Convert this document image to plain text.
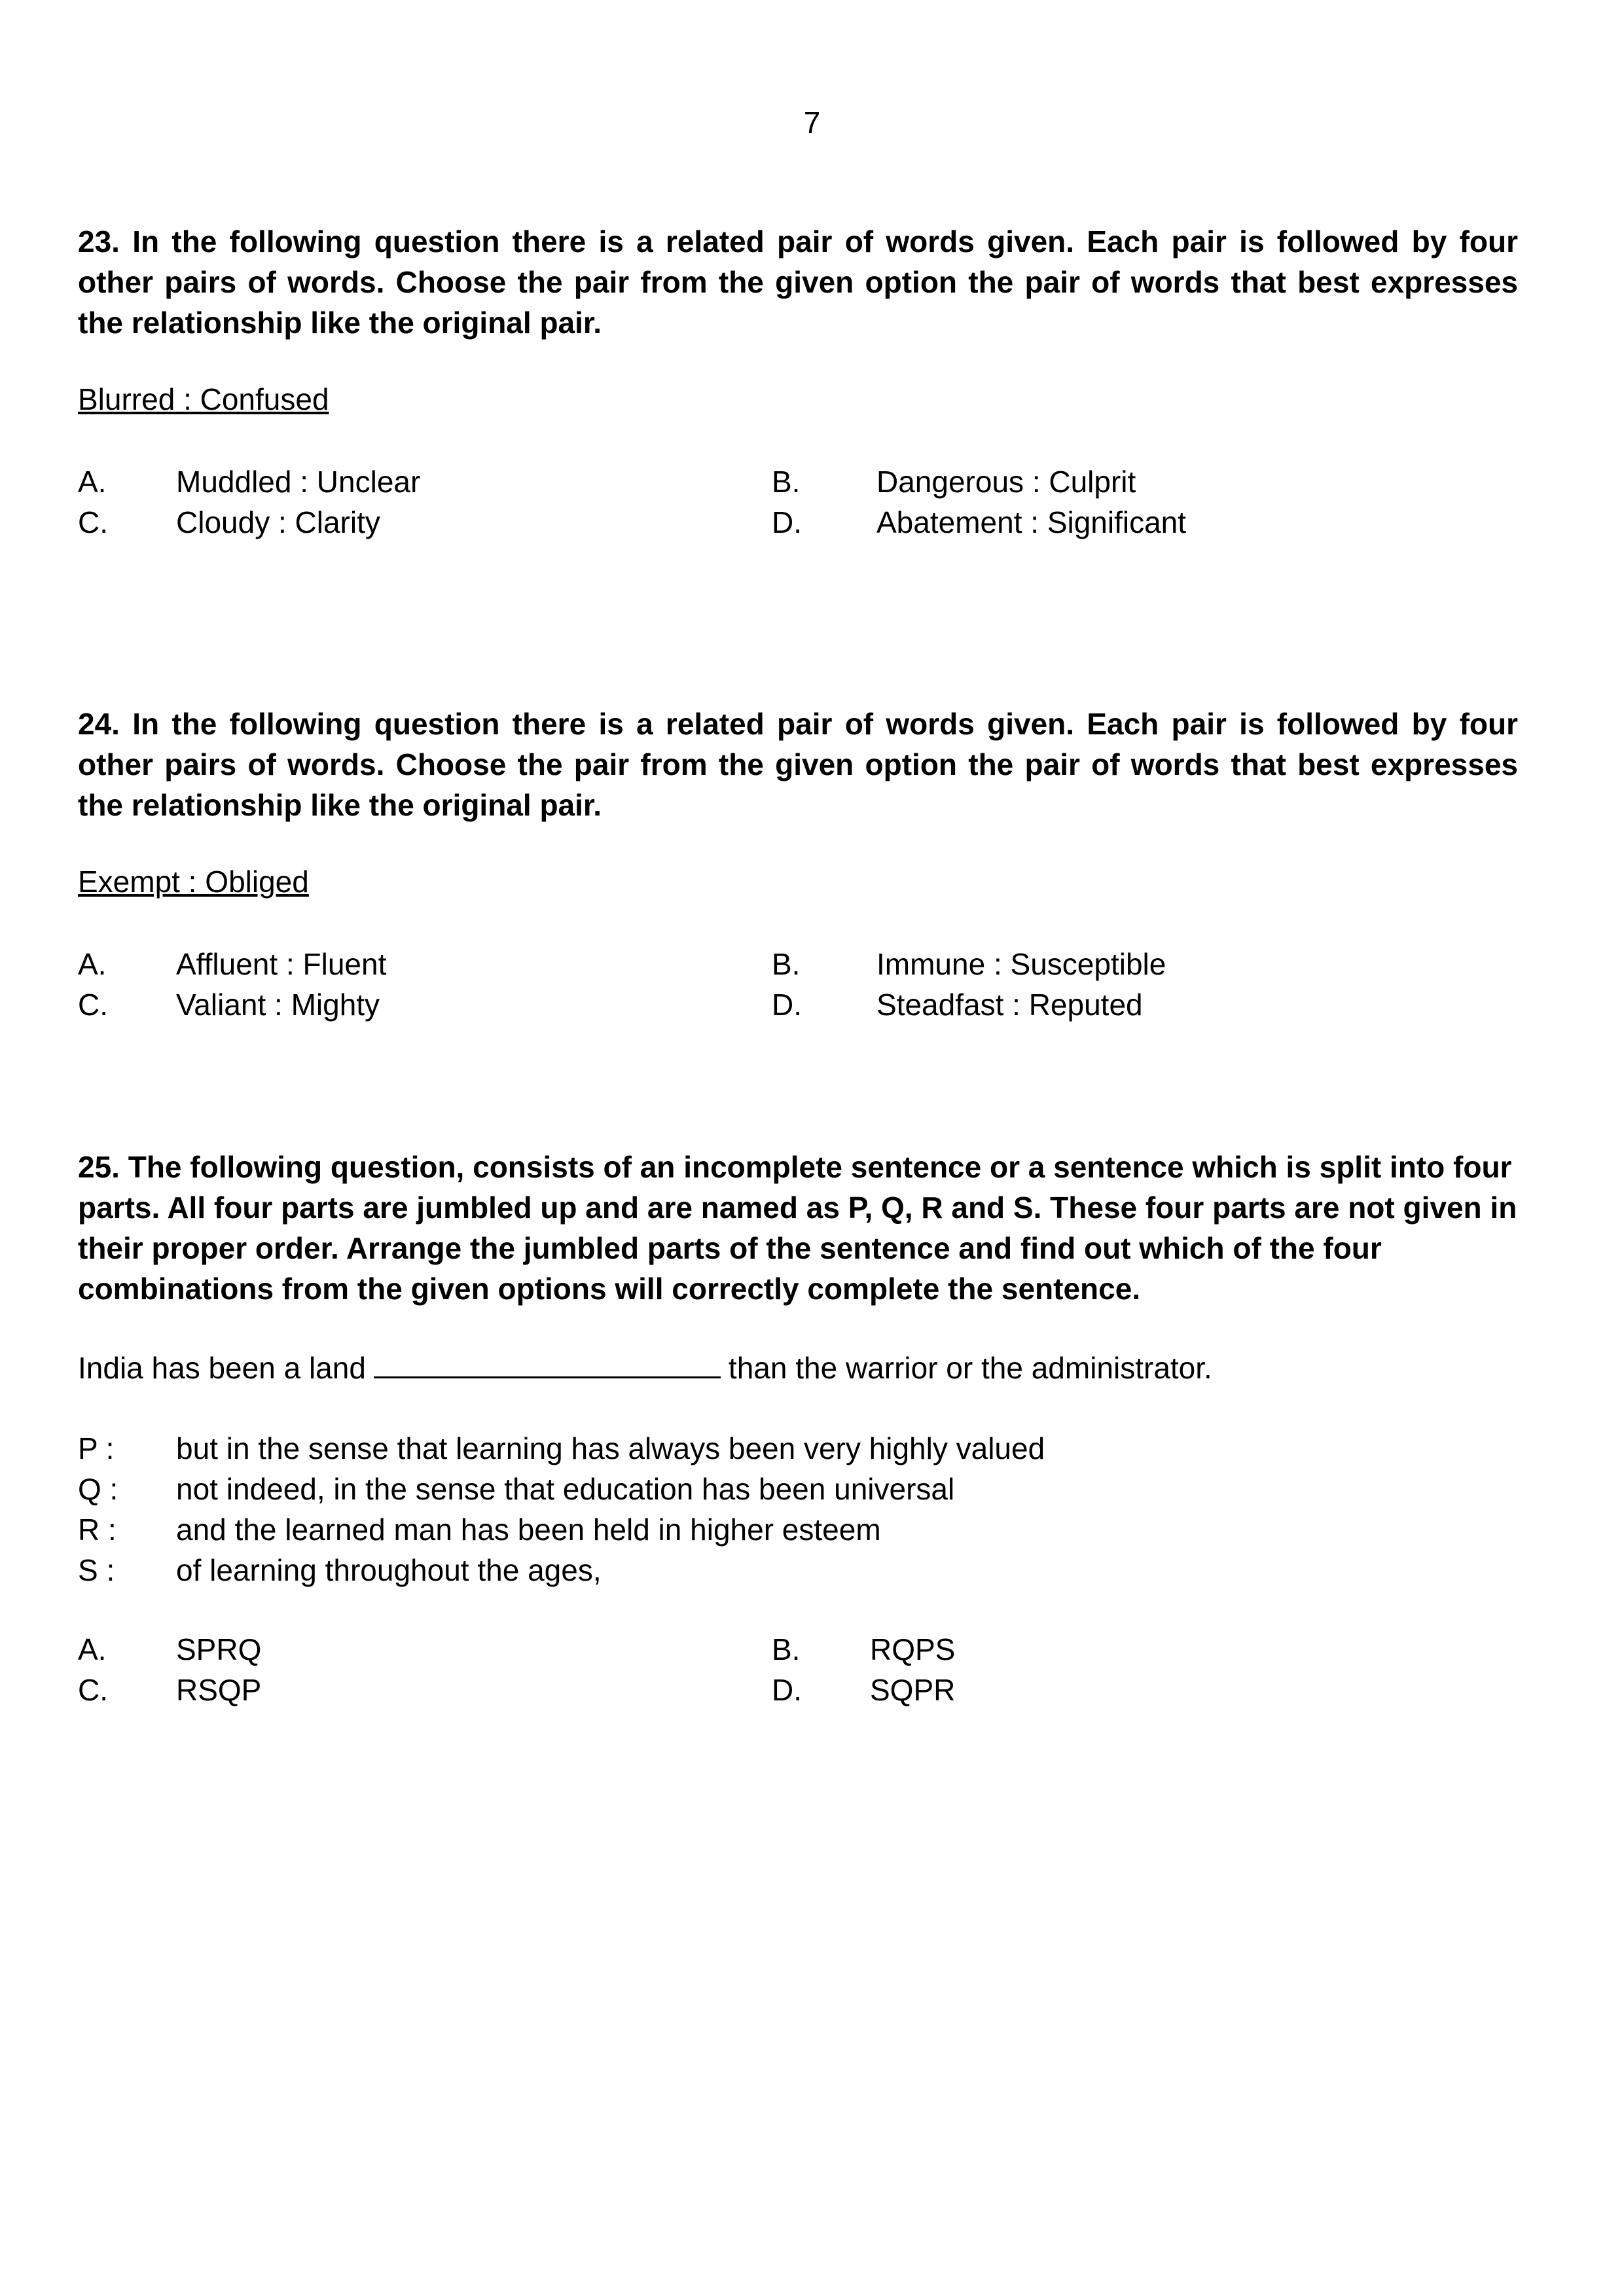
7

23. In the following question there is a related pair of words given. Each pair is followed by four other pairs of words. Choose the pair from the given option the pair of words that best expresses the relationship like the original pair.

Blurred : Confused

A. Muddled : Unclear	B.	Dangerous : Culprit
C. Cloudy : Clarity	D. Abatement : Significant

24. In the following question there is a related pair of words given. Each pair is followed by four other pairs of words. Choose the pair from the given option the pair of words that best expresses the relationship like the original pair.

Exempt : Obliged

A. Affluent : Fluent	B.	Immune : Susceptible
C. Valiant : Mighty	D. Steadfast : Reputed

25. The following question, consists of an incomplete sentence or a sentence which is split into four parts. All four parts are jumbled up and are named as P, Q, R and S. These four parts are not given in their proper order. Arrange the jumbled parts of the sentence and find out which of the four combinations from the given options will correctly complete the sentence.

India has been a land	than the warrior or the administrator.

P : but in the sense that learning has always been very highly valued
Q : not indeed, in the sense that education has been universal
R : and the learned man has been held in higher esteem
S : of learning throughout the ages,
A. SPRQ	B. RQPS
C. RSQP	D. SQPR
